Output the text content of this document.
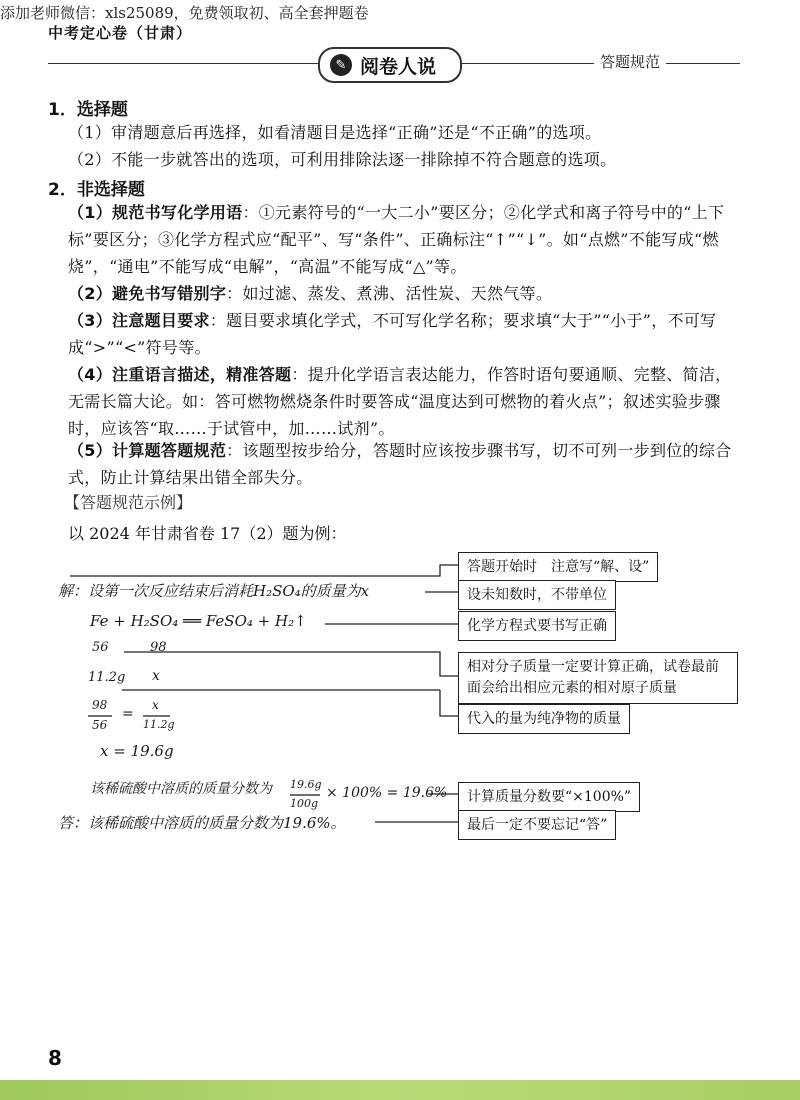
添加老师微信：xls25089，免费领取初、高全套押题卷
中考定心卷（甘肃）
✎ 阅卷人说	答题规范
1．选择题
（1）审清题意后再选择，如看清题目是选择“正确”还是“不正确”的选项。
（2）不能一步就答出的选项，可利用排除法逐一排除掉不符合题意的选项。
2．非选择题
（1）规范书写化学用语：①元素符号的“一大二小”要区分；②化学式和离子符号中的“上下标”要区分；③化学方程式应“配平”、写“条件”、正确标注“↑”“↓”。如“点燃”不能写成“燃烧”，“通电”不能写成“电解”，“高温”不能写成“△”等。
（2）避免书写错别字：如过滤、蒸发、煮沸、活性炭、天然气等。
（3）注意题目要求：题目要求填化学式，不可写化学名称；要求填“大于”“小于”，不可写成“>”“<”符号等。
（4）注重语言描述，精准答题：提升化学语言表达能力，作答时语句要通顺、完整、简洁，无需长篇大论。如：答可燃物燃烧条件时要答成“温度达到可燃物的着火点”；叙述实验步骤时，应该答“取……于试管中，加……试剂”。
（5）计算题答题规范：该题型按步给分，答题时应该按步骤书写，切不可列一步到位的综合式，防止计算结果出错全部失分。
【答题规范示例】
以 2024 年甘肃省卷 17（2）题为例：
解：设第一次反应结束后消耗H₂SO₄的质量为x
Fe + H₂SO₄ ══ FeSO₄ + H₂↑
56	98
11.2g x
98
56
=
x
11.2g
x = 19.6g
该稀硫酸中溶质的质量分数为 19.6g
100g
× 100% = 19.6%
答：该稀硫酸中溶质的质量分数为19.6%。
答题开始时　注意写“解、设”
设未知数时，不带单位
化学方程式要书写正确
相对分子质量一定要计算正确，试卷最前面会给出相应元素的相对原子质量
代入的量为纯净物的质量
计算质量分数要“×100%”
最后一定不要忘记“答”
8
